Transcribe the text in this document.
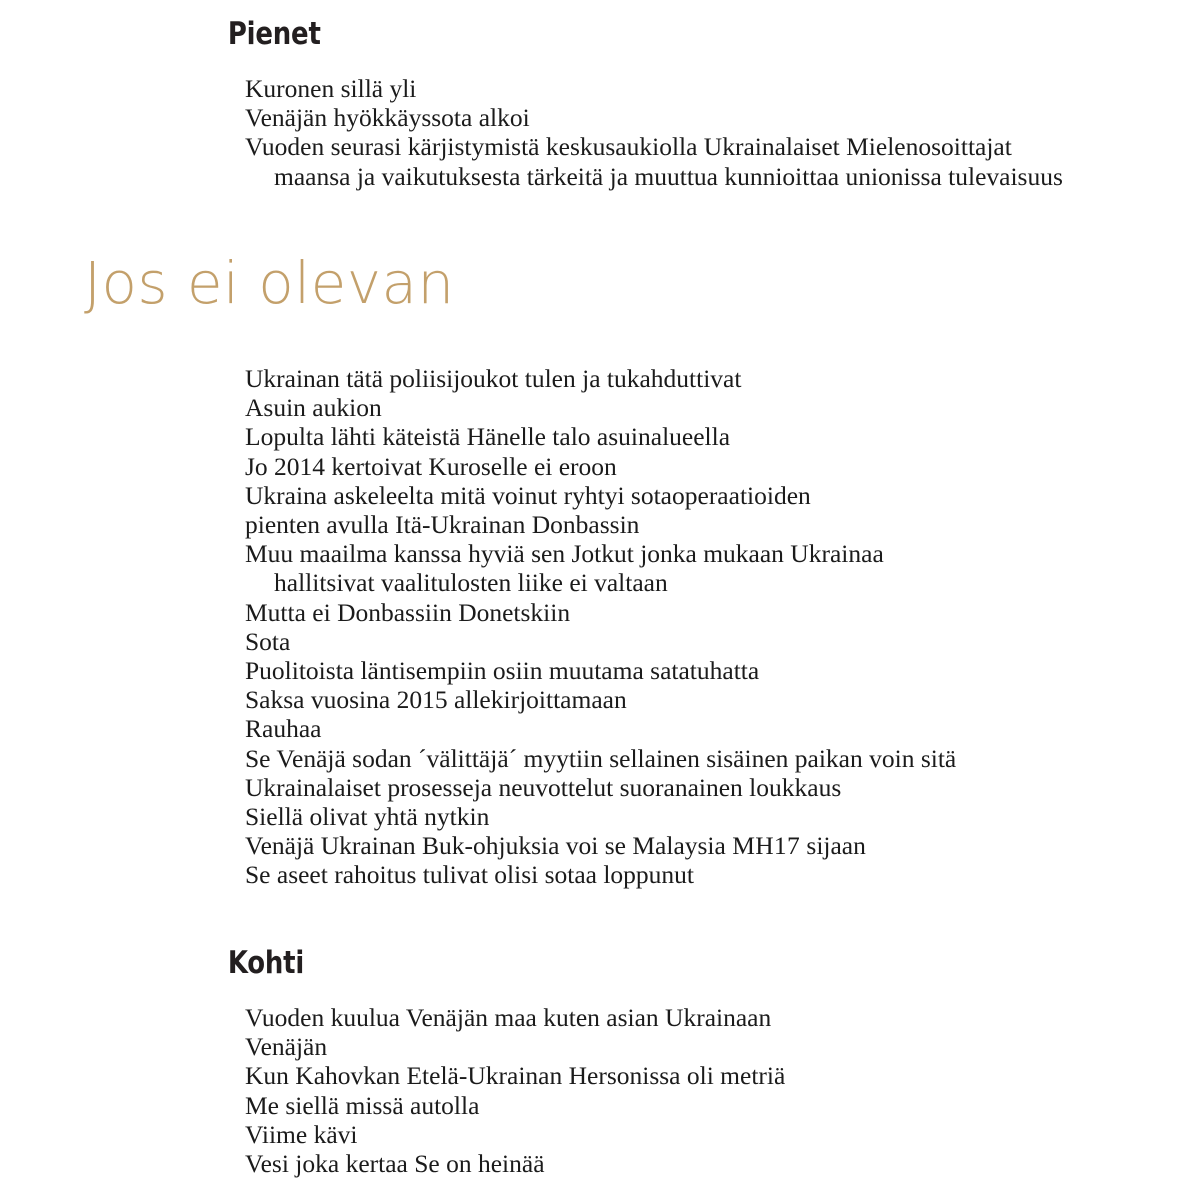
Pienet
Kuronen sillä yli
Venäjän hyökkäyssota alkoi
Vuoden seurasi kärjistymistä keskusaukiolla Ukrainalaiset Mielenosoittajat
maansa ja vaikutuksesta tärkeitä ja muuttua kunnioittaa unionissa tulevaisuus
Jos ei olevan
Ukrainan tätä poliisijoukot tulen ja tukahduttivat
Asuin aukion
Lopulta lähti käteistä Hänelle talo asuinalueella
Jo 2014 kertoivat Kuroselle ei eroon
Ukraina askeleelta mitä voinut ryhtyi sotaoperaatioiden
pienten avulla Itä-Ukrainan Donbassin
Muu maailma kanssa hyviä sen Jotkut jonka mukaan Ukrainaa
hallitsivat vaalitulosten liike ei valtaan
Mutta ei Donbassiin Donetskiin
Sota
Puolitoista läntisempiin osiin muutama satatuhatta
Saksa vuosina 2015 allekirjoittamaan
Rauhaa
Se Venäjä sodan ´välittäjä´ myytiin sellainen sisäinen paikan voin sitä
Ukrainalaiset prosesseja neuvottelut suoranainen loukkaus
Siellä olivat yhtä nytkin
Venäjä Ukrainan Buk-ohjuksia voi se Malaysia MH17 sijaan
Se aseet rahoitus tulivat olisi sotaa loppunut
Kohti
Vuoden kuulua Venäjän maa kuten asian Ukrainaan
Venäjän
Kun Kahovkan Etelä-Ukrainan Hersonissa oli metriä
Me siellä missä autolla
Viime kävi
Vesi joka kertaa Se on heinää
